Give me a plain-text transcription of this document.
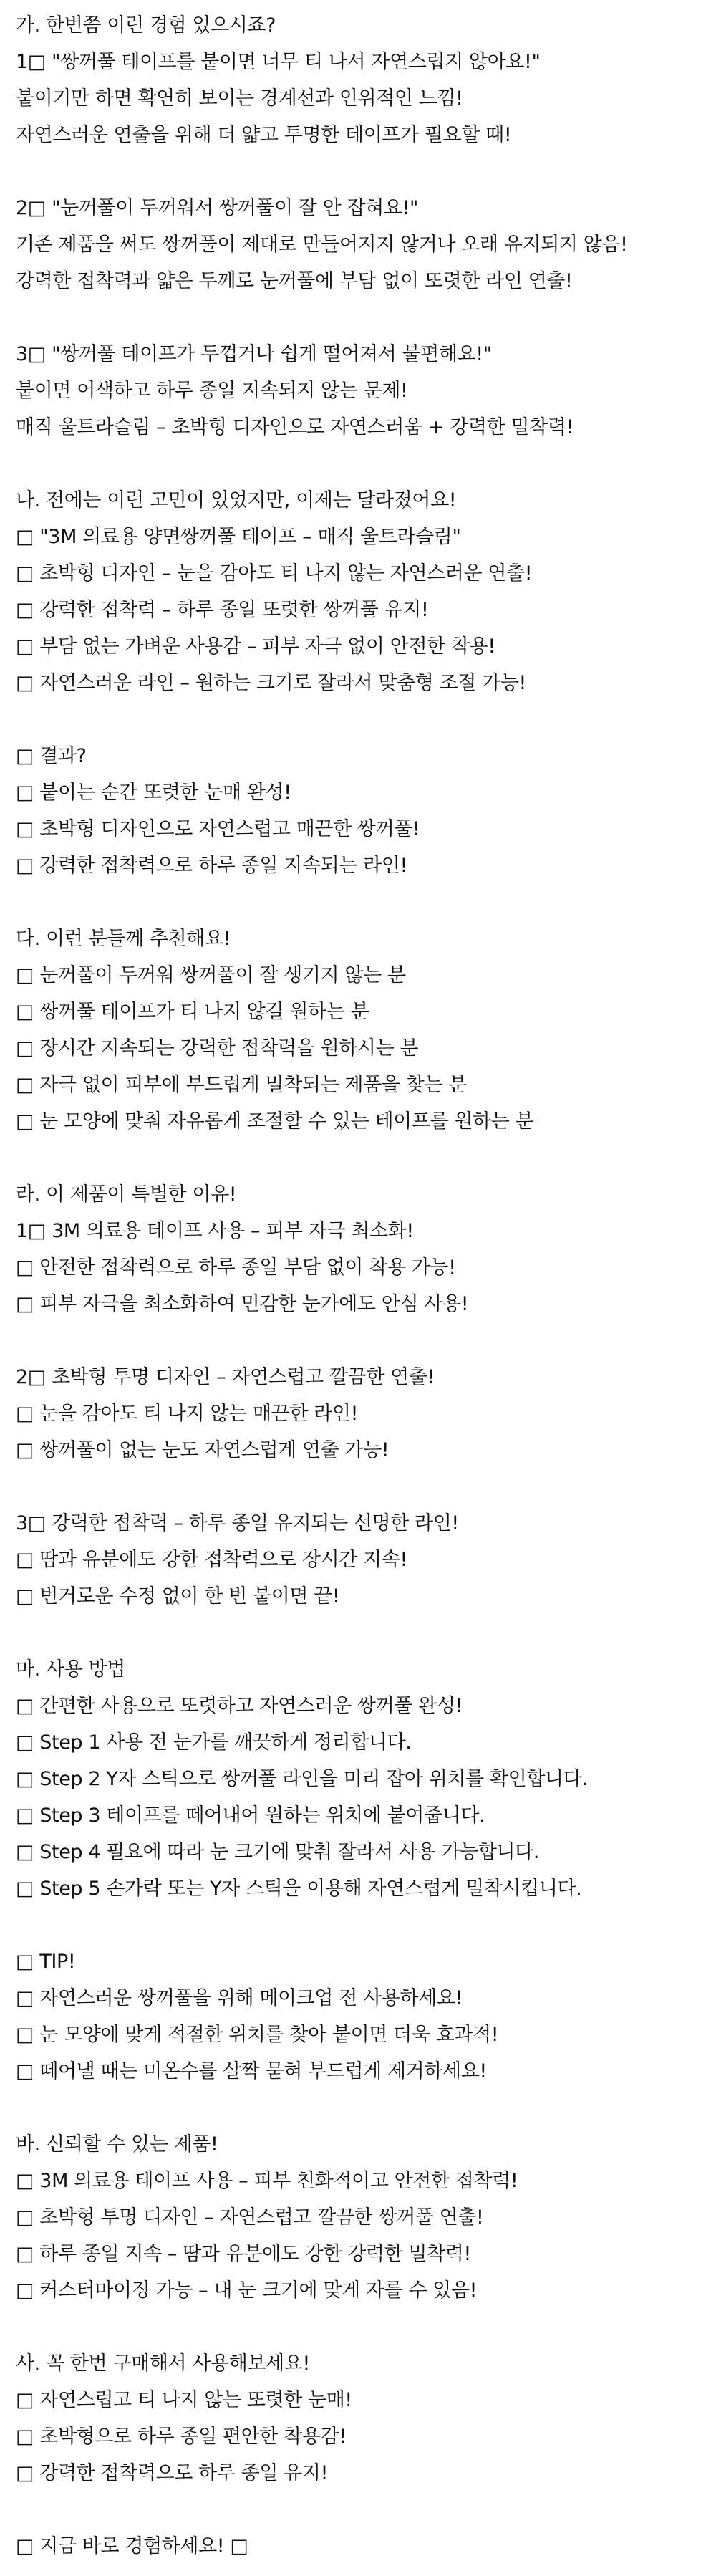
가. 한번쯤 이런 경험 있으시죠?

1□ "쌍꺼풀 테이프를 붙이면 너무 티 나서 자연스럽지 않아요!"

붙이기만 하면 확연히 보이는 경계선과 인위적인 느낌!

자연스러운 연출을 위해 더 얇고 투명한 테이프가 필요할 때!

2□ "눈꺼풀이 두꺼워서 쌍꺼풀이 잘 안 잡혀요!"

기존 제품을 써도 쌍꺼풀이 제대로 만들어지지 않거나 오래 유지되지 않음!

강력한 접착력과 얇은 두께로 눈꺼풀에 부담 없이 또렷한 라인 연출!

3□ "쌍꺼풀 테이프가 두껍거나 쉽게 떨어져서 불편해요!"

붙이면 어색하고 하루 종일 지속되지 않는 문제!

매직 울트라슬림 – 초박형 디자인으로 자연스러움 + 강력한 밀착력!

나. 전에는 이런 고민이 있었지만, 이제는 달라졌어요!

□ "3M 의료용 양면쌍꺼풀 테이프 – 매직 울트라슬림"

□ 초박형 디자인 – 눈을 감아도 티 나지 않는 자연스러운 연출!

□ 강력한 접착력 – 하루 종일 또렷한 쌍꺼풀 유지!

□ 부담 없는 가벼운 사용감 – 피부 자극 없이 안전한 착용!

□ 자연스러운 라인 – 원하는 크기로 잘라서 맞춤형 조절 가능!

□ 결과?

□ 붙이는 순간 또렷한 눈매 완성!

□ 초박형 디자인으로 자연스럽고 매끈한 쌍꺼풀!

□ 강력한 접착력으로 하루 종일 지속되는 라인!

다. 이런 분들께 추천해요!

□ 눈꺼풀이 두꺼워 쌍꺼풀이 잘 생기지 않는 분

□ 쌍꺼풀 테이프가 티 나지 않길 원하는 분

□ 장시간 지속되는 강력한 접착력을 원하시는 분

□ 자극 없이 피부에 부드럽게 밀착되는 제품을 찾는 분

□ 눈 모양에 맞춰 자유롭게 조절할 수 있는 테이프를 원하는 분

라. 이 제품이 특별한 이유!

1□ 3M 의료용 테이프 사용 – 피부 자극 최소화!

□ 안전한 접착력으로 하루 종일 부담 없이 착용 가능!

□ 피부 자극을 최소화하여 민감한 눈가에도 안심 사용!

2□ 초박형 투명 디자인 – 자연스럽고 깔끔한 연출!

□ 눈을 감아도 티 나지 않는 매끈한 라인!

□ 쌍꺼풀이 없는 눈도 자연스럽게 연출 가능!

3□ 강력한 접착력 – 하루 종일 유지되는 선명한 라인!

□ 땀과 유분에도 강한 접착력으로 장시간 지속!

□ 번거로운 수정 없이 한 번 붙이면 끝!

마. 사용 방법

□ 간편한 사용으로 또렷하고 자연스러운 쌍꺼풀 완성!

□ Step 1 사용 전 눈가를 깨끗하게 정리합니다.

□ Step 2 Y자 스틱으로 쌍꺼풀 라인을 미리 잡아 위치를 확인합니다.

□ Step 3 테이프를 떼어내어 원하는 위치에 붙여줍니다.

□ Step 4 필요에 따라 눈 크기에 맞춰 잘라서 사용 가능합니다.

□ Step 5 손가락 또는 Y자 스틱을 이용해 자연스럽게 밀착시킵니다.

□ TIP!

□ 자연스러운 쌍꺼풀을 위해 메이크업 전 사용하세요!

□ 눈 모양에 맞게 적절한 위치를 찾아 붙이면 더욱 효과적!

□ 떼어낼 때는 미온수를 살짝 묻혀 부드럽게 제거하세요!

바. 신뢰할 수 있는 제품!

□ 3M 의료용 테이프 사용 – 피부 친화적이고 안전한 접착력!

□ 초박형 투명 디자인 – 자연스럽고 깔끔한 쌍꺼풀 연출!

□ 하루 종일 지속 – 땀과 유분에도 강한 강력한 밀착력!

□ 커스터마이징 가능 – 내 눈 크기에 맞게 자를 수 있음!

사. 꼭 한번 구매해서 사용해보세요!

□ 자연스럽고 티 나지 않는 또렷한 눈매!

□ 초박형으로 하루 종일 편안한 착용감!

□ 강력한 접착력으로 하루 종일 유지!

□ 지금 바로 경험하세요! □
